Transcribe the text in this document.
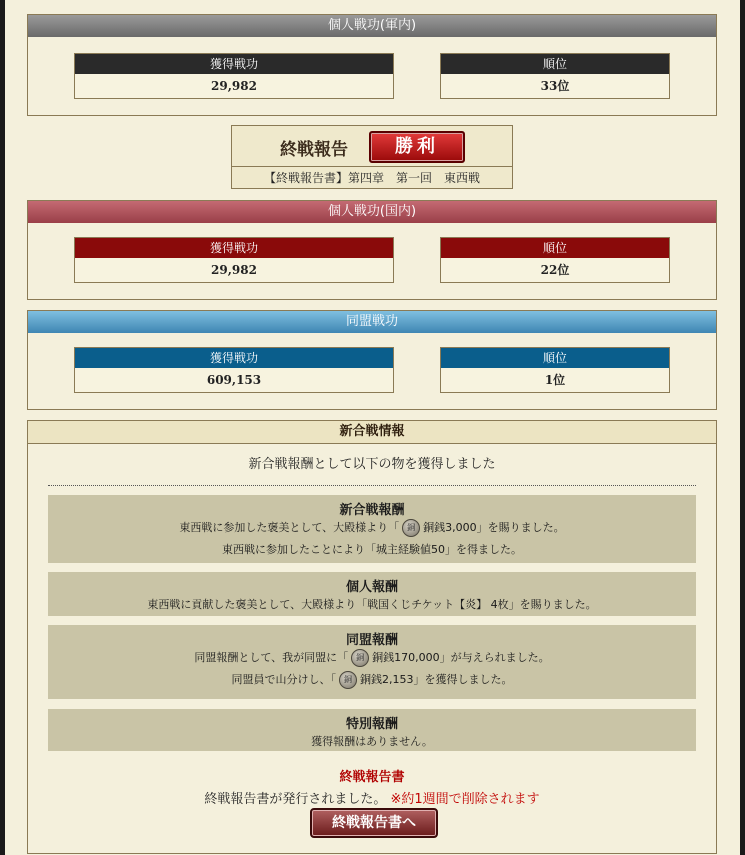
個人戦功(軍内)
獲得戦功
29,982
順位
33位
終戦報告	勝利
【終戦報告書】第四章　第一回　東西戦
個人戦功(国内)
獲得戦功
29,982
順位
22位
同盟戦功
獲得戦功
609,153
順位
1位
新合戦情報
新合戦報酬として以下の物を獲得しました
新合戦報酬
東西戦に参加した褒美として、大殿様より「 銅 銅銭3,000」を賜りました。
東西戦に参加したことにより「城主経験値50」を得ました。
個人報酬
東西戦に貢献した褒美として、大殿様より「戦国くじチケット【炎】 4枚」を賜りました。
同盟報酬
同盟報酬として、我が同盟に「 銅 銅銭170,000」が与えられました。
同盟員で山分けし、「 銅 銅銭2,153」を獲得しました。
特別報酬
獲得報酬はありません。
終戦報告書
終戦報告書が発行されました。 ※約1週間で削除されます
終戦報告書へ
